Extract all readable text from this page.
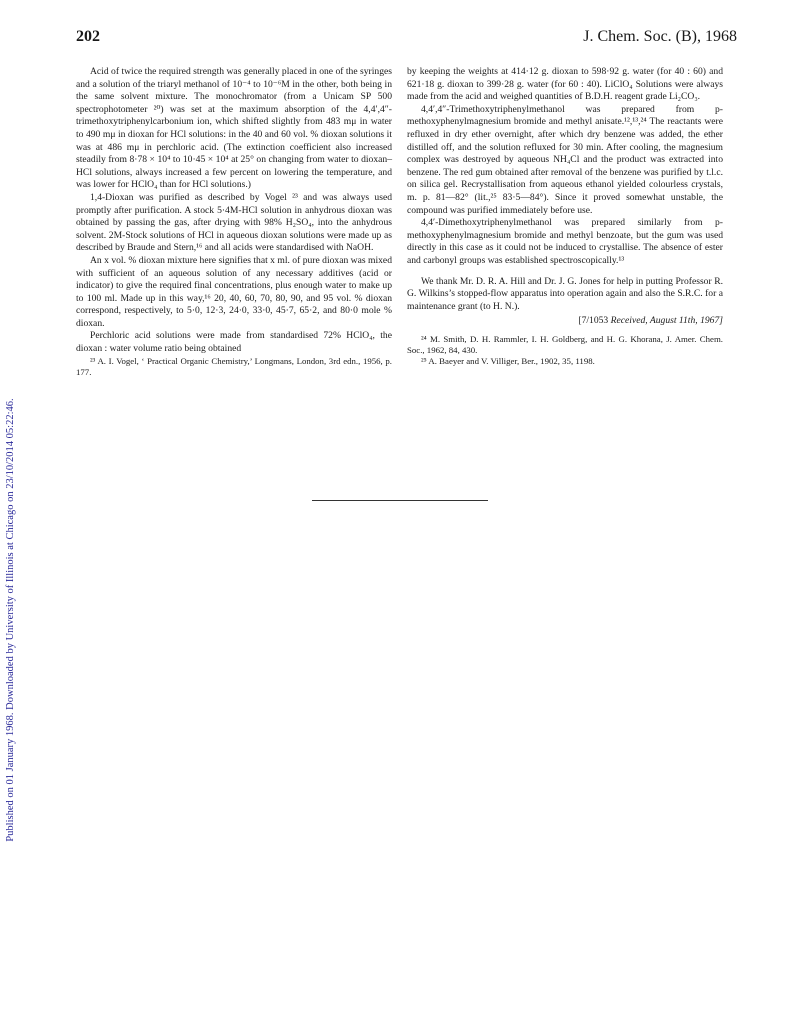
202	J. Chem. Soc. (B), 1968
Published on 01 January 1968. Downloaded by University of Illinois at Chicago on 23/10/2014 05:22:46.

Acid of twice the required strength was generally placed in one of the syringes and a solution of the triaryl methanol of 10⁻⁴ to 10⁻⁶M in the other, both being in the same solvent mixture. The monochromator (from a Unicam SP 500 spectrophotometer ²⁰) was set at the maximum absorption of the 4,4′,4″-trimethoxytriphenylcarbonium ion, which shifted slightly from 483 mμ in water to 490 mμ in dioxan for HCl solutions: in the 40 and 60 vol. % dioxan solutions it was at 486 mμ in perchloric acid. (The extinction coefficient also increased steadily from 8·78 × 10⁴ to 10·45 × 10⁴ at 25° on changing from water to dioxan–HCl solutions, always increased a few percent on lowering the temperature, and was lower for HClO₄ than for HCl solutions.)

1,4-Dioxan was purified as described by Vogel ²³ and was always used promptly after purification. A stock 5·4M-HCl solution in anhydrous dioxan was obtained by passing the gas, after drying with 98% H₂SO₄, into the anhydrous solvent. 2M-Stock solutions of HCl in aqueous dioxan solutions were made up as described by Braude and Stern,¹⁶ and all acids were standardised with NaOH.

An x vol. % dioxan mixture here signifies that x ml. of pure dioxan was mixed with sufficient of an aqueous solution of any necessary additives (acid or indicator) to give the required final concentrations, plus enough water to make up to 100 ml. Made up in this way,¹⁶ 20, 40, 60, 70, 80, 90, and 95 vol. % dioxan correspond, respectively, to 5·0, 12·3, 24·0, 33·0, 45·7, 65·2, and 80·0 mole % dioxan.

Perchloric acid solutions were made from standardised 72% HClO₄, the dioxan : water volume ratio being obtained

²³ A. I. Vogel, ‘ Practical Organic Chemistry,’ Longmans, London, 3rd edn., 1956, p. 177.

by keeping the weights at 414·12 g. dioxan to 598·92 g. water (for 40 : 60) and 621·18 g. dioxan to 399·28 g. water (for 60 : 40). LiClO₄ Solutions were always made from the acid and weighed quantities of B.D.H. reagent grade Li₂CO₃.

4,4′,4″-Trimethoxytriphenylmethanol was prepared from p-methoxyphenylmagnesium bromide and methyl anisate.¹²,¹³,²⁴ The reactants were refluxed in dry ether overnight, after which dry benzene was added, the ether distilled off, and the solution refluxed for 30 min. After cooling, the magnesium complex was destroyed by aqueous NH₄Cl and the product was extracted into benzene. The red gum obtained after removal of the benzene was purified by t.l.c. on silica gel. Recrystallisation from aqueous ethanol yielded colourless crystals, m. p. 81—82° (lit.,²⁵ 83·5—84°). Since it proved somewhat unstable, the compound was purified immediately before use.

4,4′-Dimethoxytriphenylmethanol was prepared similarly from p-methoxyphenylmagnesium bromide and methyl benzoate, but the gum was used directly in this case as it could not be induced to crystallise. The absence of ester and carbonyl groups was established spectroscopically.¹³

We thank Mr. D. R. A. Hill and Dr. J. G. Jones for help in putting Professor R. G. Wilkins’s stopped-flow apparatus into operation again and also the S.R.C. for a maintenance grant (to H. N.).

[7/1053 Received, August 11th, 1967]

²⁴ M. Smith, D. H. Rammler, I. H. Goldberg, and H. G. Khorana, J. Amer. Chem. Soc., 1962, 84, 430.

²⁵ A. Baeyer and V. Villiger, Ber., 1902, 35, 1198.
